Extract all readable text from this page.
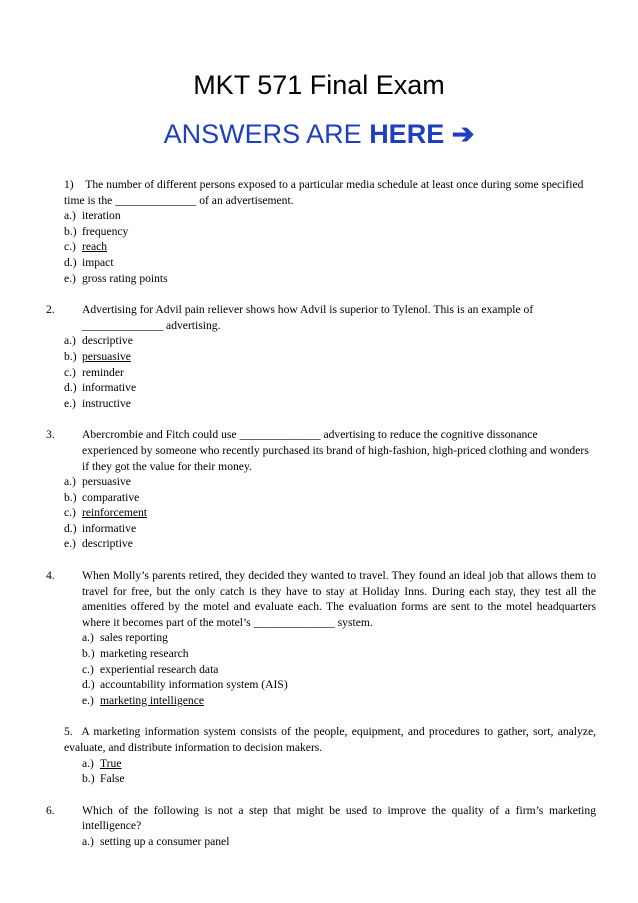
MKT 571 Final Exam
ANSWERS ARE HERE ➔

1) The number of different persons exposed to a particular media schedule at least once during some specified time is the ______________ of an advertisement.

a.) iteration

b.) frequency

c.) reach

d.) impact

e.) gross rating points

2. Advertising for Advil pain reliever shows how Advil is superior to Tylenol. This is an example of ______________ advertising.

a.) descriptive

b.) persuasive

c.) reminder

d.) informative

e.) instructive

3. Abercrombie and Fitch could use ______________ advertising to reduce the cognitive dissonance experienced by someone who recently purchased its brand of high-fashion, high-priced clothing and wonders if they got the value for their money.

a.) persuasive

b.) comparative

c.) reinforcement

d.) informative

e.) descriptive

4. When Molly’s parents retired, they decided they wanted to travel. They found an ideal job that allows them to travel for free, but the only catch is they have to stay at Holiday Inns. During each stay, they test all the amenities offered by the motel and evaluate each. The evaluation forms are sent to the motel headquarters where it becomes part of the motel’s ______________ system.

a.) sales reporting

b.) marketing research

c.) experiential research data

d.) accountability information system (AIS)

e.) marketing intelligence

5. A marketing information system consists of the people, equipment, and procedures to gather, sort, analyze, evaluate, and distribute information to decision makers.

a.) True

b.) False

6. Which of the following is not a step that might be used to improve the quality of a firm’s marketing intelligence?

a.) setting up a consumer panel
